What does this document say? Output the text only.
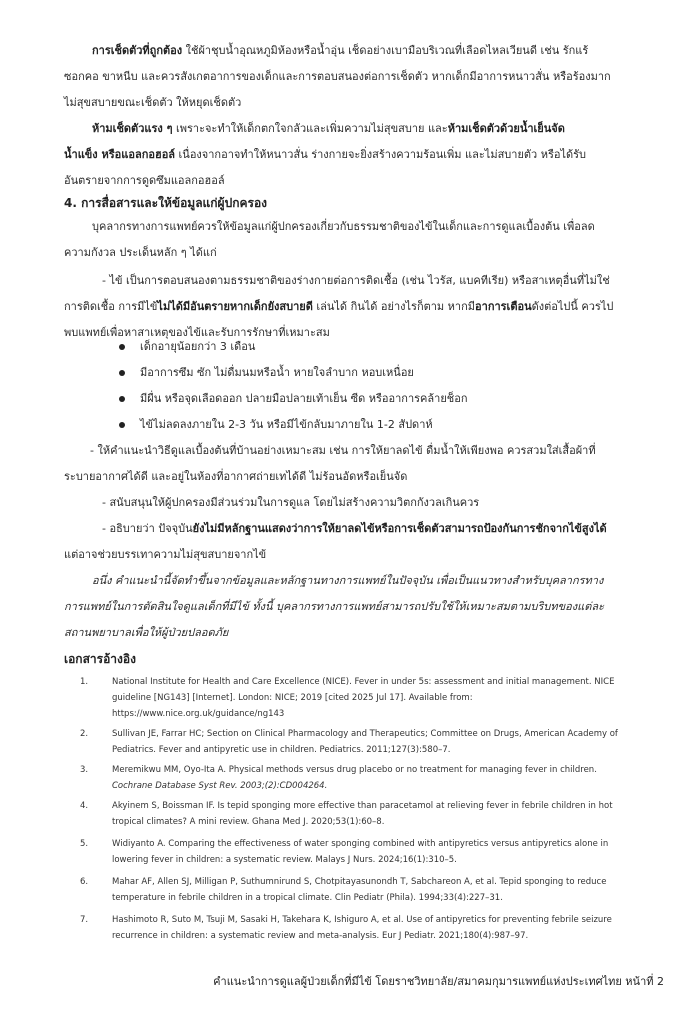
การเช็ดตัวที่ถูกต้อง ใช้ผ้าชุบน้ำอุณหภูมิห้องหรือน้ำอุ่น เช็ดอย่างเบามือบริเวณที่เลือดไหลเวียนดี เช่น รักแร้
ซอกคอ ขาหนีบ และควรสังเกตอาการของเด็กและการตอบสนองต่อการเช็ดตัว หากเด็กมีอาการหนาวสั่น หรือร้องมาก
ไม่สุขสบายขณะเช็ดตัว ให้หยุดเช็ดตัว
ห้ามเช็ดตัวแรง ๆ เพราะจะทำให้เด็กตกใจกลัวและเพิ่มความไม่สุขสบาย และห้ามเช็ดตัวด้วยน้ำเย็นจัด
น้ำแข็ง หรือแอลกอฮอล์ เนื่องจากอาจทำให้หนาวสั่น ร่างกายจะยิ่งสร้างความร้อนเพิ่ม และไม่สบายตัว หรือได้รับ
อันตรายจากการดูดซึมแอลกอฮอล์
4. การสื่อสารและให้ข้อมูลแก่ผู้ปกครอง
บุคลากรทางการแพทย์ควรให้ข้อมูลแก่ผู้ปกครองเกี่ยวกับธรรมชาติของไข้ในเด็กและการดูแลเบื้องต้น เพื่อลด
ความกังวล ประเด็นหลัก ๆ ได้แก่
- ไข้ เป็นการตอบสนองตามธรรมชาติของร่างกายต่อการติดเชื้อ (เช่น ไวรัส, แบคทีเรีย) หรือสาเหตุอื่นที่ไม่ใช่
การติดเชื้อ การมีไข้ไม่ได้มีอันตรายหากเด็กยังสบายดี เล่นได้ กินได้ อย่างไรก็ตาม หากมีอาการเตือนดังต่อไปนี้ ควรไป
พบแพทย์เพื่อหาสาเหตุของไข้และรับการรักษาที่เหมาะสม
เด็กอายุน้อยกว่า 3 เดือน
มีอาการซึม ซัก ไม่ดื่มนมหรือน้ำ หายใจลำบาก หอบเหนื่อย
มีผื่น หรือจุดเลือดออก ปลายมือปลายเท้าเย็น ซีด หรืออาการคล้ายช็อก
ไข้ไม่ลดลงภายใน 2-3 วัน หรือมีไข้กลับมาภายใน 1-2 สัปดาห์
- ให้คำแนะนำวิธีดูแลเบื้องต้นที่บ้านอย่างเหมาะสม เช่น การให้ยาลดไข้ ดื่มน้ำให้เพียงพอ ควรสวมใส่เสื้อผ้าที่
ระบายอากาศได้ดี และอยู่ในห้องที่อากาศถ่ายเทได้ดี ไม่ร้อนอัดหรือเย็นจัด
- สนับสนุนให้ผู้ปกครองมีส่วนร่วมในการดูแล โดยไม่สร้างความวิตกกังวลเกินควร
- อธิบายว่า ปัจจุบันยังไม่มีหลักฐานแสดงว่าการให้ยาลดไข้หรือการเช็ดตัวสามารถป้องกันการชักจากไข้สูงได้
แต่อาจช่วยบรรเทาความไม่สุขสบายจากไข้
อนึ่ง คำแนะนำนี้จัดทำขึ้นจากข้อมูลและหลักฐานทางการแพทย์ในปัจจุบัน เพื่อเป็นแนวทางสำหรับบุคลากรทาง
การแพทย์ในการตัดสินใจดูแลเด็กที่มีไข้ ทั้งนี้ บุคลากรทางการแพทย์สามารถปรับใช้ให้เหมาะสมตามบริบทของแต่ละ
สถานพยาบาลเพื่อให้ผู้ป่วยปลอดภัย
เอกสารอ้างอิง
1.	National Institute for Health and Care Excellence (NICE). Fever in under 5s: assessment and initial management. NICE
guideline [NG143] [Internet]. London: NICE; 2019 [cited 2025 Jul 17]. Available from:
https://www.nice.org.uk/guidance/ng143
2.	Sullivan JE, Farrar HC; Section on Clinical Pharmacology and Therapeutics; Committee on Drugs, American Academy of
Pediatrics. Fever and antipyretic use in children. Pediatrics. 2011;127(3):580–7.
3.	Meremikwu MM, Oyo-Ita A. Physical methods versus drug placebo or no treatment for managing fever in children.
Cochrane Database Syst Rev. 2003;(2):CD004264.
4.	Akyinem S, Boissman IF. Is tepid sponging more effective than paracetamol at relieving fever in febrile children in hot
tropical climates? A mini review. Ghana Med J. 2020;53(1):60–8.
5.	Widiyanto A. Comparing the effectiveness of water sponging combined with antipyretics versus antipyretics alone in
lowering fever in children: a systematic review. Malays J Nurs. 2024;16(1):310–5.
6.	Mahar AF, Allen SJ, Milligan P, Suthumnirund S, Chotpitayasunondh T, Sabchareon A, et al. Tepid sponging to reduce
temperature in febrile children in a tropical climate. Clin Pediatr (Phila). 1994;33(4):227–31.
7.	Hashimoto R, Suto M, Tsuji M, Sasaki H, Takehara K, Ishiguro A, et al. Use of antipyretics for preventing febrile seizure
recurrence in children: a systematic review and meta-analysis. Eur J Pediatr. 2021;180(4):987–97.
คำแนะนำการดูแลผู้ป่วยเด็กที่มีไข้ โดยราชวิทยาลัย/สมาคมกุมารแพทย์แห่งประเทศไทย หน้าที่ 2
